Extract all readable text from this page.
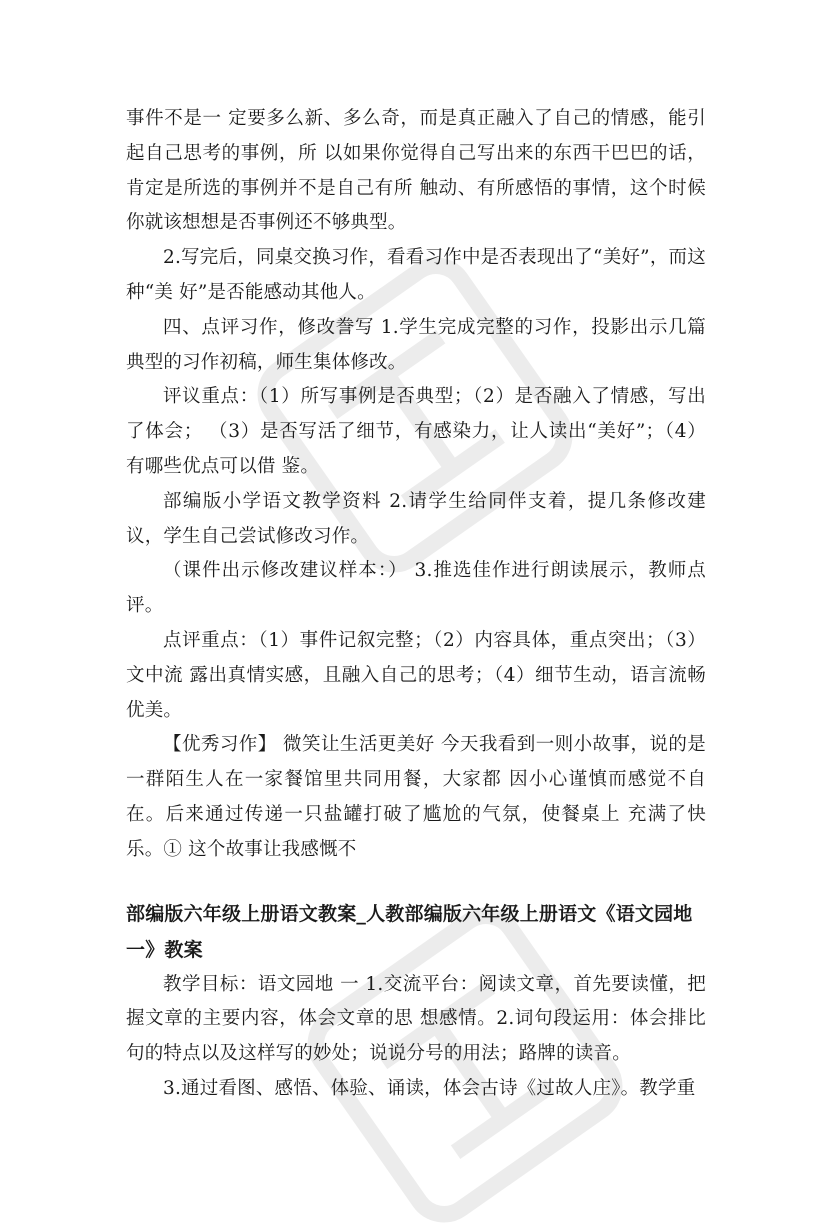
事件不是一 定要多么新、多么奇，而是真正融入了自己的情感，能引起自己思考的事例，所 以如果你觉得自己写出来的东西干巴巴的话，肯定是所选的事例并不是自己有所 触动、有所感悟的事情，这个时候你就该想想是否事例还不够典型。

2.写完后，同桌交换习作，看看习作中是否表现出了“美好”，而这种“美 好”是否能感动其他人。

四、点评习作，修改誊写 1.学生完成完整的习作，投影出示几篇典型的习作初稿，师生集体修改。

评议重点：（1）所写事例是否典型；（2）是否融入了情感，写出了体会； （3）是否写活了细节，有感染力，让人读出“美好”；（4）有哪些优点可以借 鉴。

部编版小学语文教学资料 2.请学生给同伴支着，提几条修改建议，学生自己尝试修改习作。

（课件出示修改建议样本：） 3.推选佳作进行朗读展示，教师点评。

点评重点：（1）事件记叙完整；（2）内容具体，重点突出；（3）文中流 露出真情实感，且融入自己的思考；（4）细节生动，语言流畅优美。

【优秀习作】 微笑让生活更美好 今天我看到一则小故事，说的是一群陌生人在一家餐馆里共同用餐，大家都 因小心谨慎而感觉不自在。后来通过传递一只盐罐打破了尴尬的气氛，使餐桌上 充满了快乐。① 这个故事让我感慨不

部编版六年级上册语文教案_人教部编版六年级上册语文《语文园地一》教案

教学目标：语文园地 一 1.交流平台：阅读文章，首先要读懂，把握文章的主要内容，体会文章的思 想感情。2.词句段运用：体会排比句的特点以及这样写的妙处；说说分号的用法；路牌的读音。

3.通过看图、感悟、体验、诵读，体会古诗《过故人庄》。教学重
